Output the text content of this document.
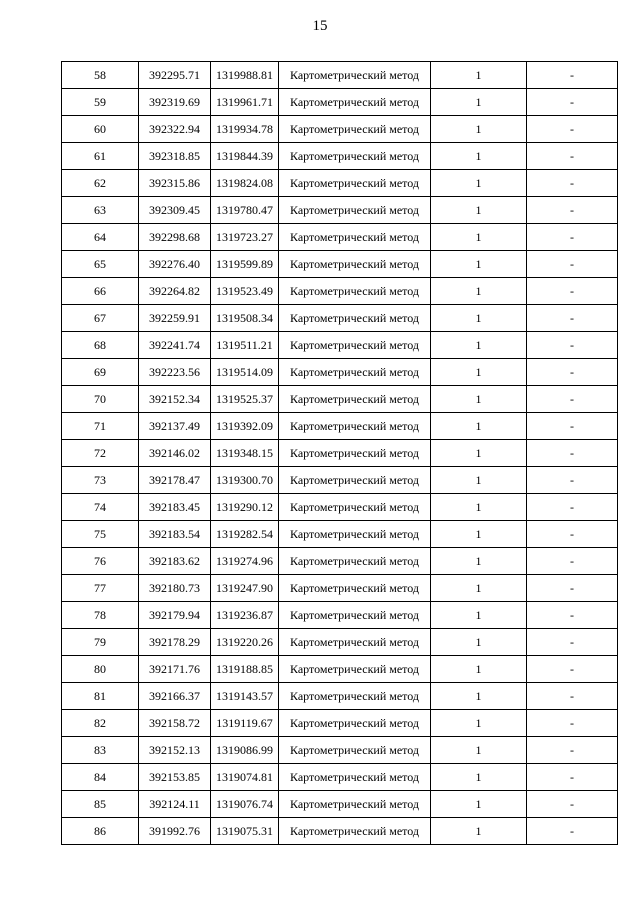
15
58	392295.71	1319988.81	Картометрический метод	1	-
59	392319.69	1319961.71	Картометрический метод	1	-
60	392322.94	1319934.78	Картометрический метод	1	-
61	392318.85	1319844.39	Картометрический метод	1	-
62	392315.86	1319824.08	Картометрический метод	1	-
63	392309.45	1319780.47	Картометрический метод	1	-
64	392298.68	1319723.27	Картометрический метод	1	-
65	392276.40	1319599.89	Картометрический метод	1	-
66	392264.82	1319523.49	Картометрический метод	1	-
67	392259.91	1319508.34	Картометрический метод	1	-
68	392241.74	1319511.21	Картометрический метод	1	-
69	392223.56	1319514.09	Картометрический метод	1	-
70	392152.34	1319525.37	Картометрический метод	1	-
71	392137.49	1319392.09	Картометрический метод	1	-
72	392146.02	1319348.15	Картометрический метод	1	-
73	392178.47	1319300.70	Картометрический метод	1	-
74	392183.45	1319290.12	Картометрический метод	1	-
75	392183.54	1319282.54	Картометрический метод	1	-
76	392183.62	1319274.96	Картометрический метод	1	-
77	392180.73	1319247.90	Картометрический метод	1	-
78	392179.94	1319236.87	Картометрический метод	1	-
79	392178.29	1319220.26	Картометрический метод	1	-
80	392171.76	1319188.85	Картометрический метод	1	-
81	392166.37	1319143.57	Картометрический метод	1	-
82	392158.72	1319119.67	Картометрический метод	1	-
83	392152.13	1319086.99	Картометрический метод	1	-
84	392153.85	1319074.81	Картометрический метод	1	-
85	392124.11	1319076.74	Картометрический метод	1	-
86	391992.76	1319075.31	Картометрический метод	1	-
